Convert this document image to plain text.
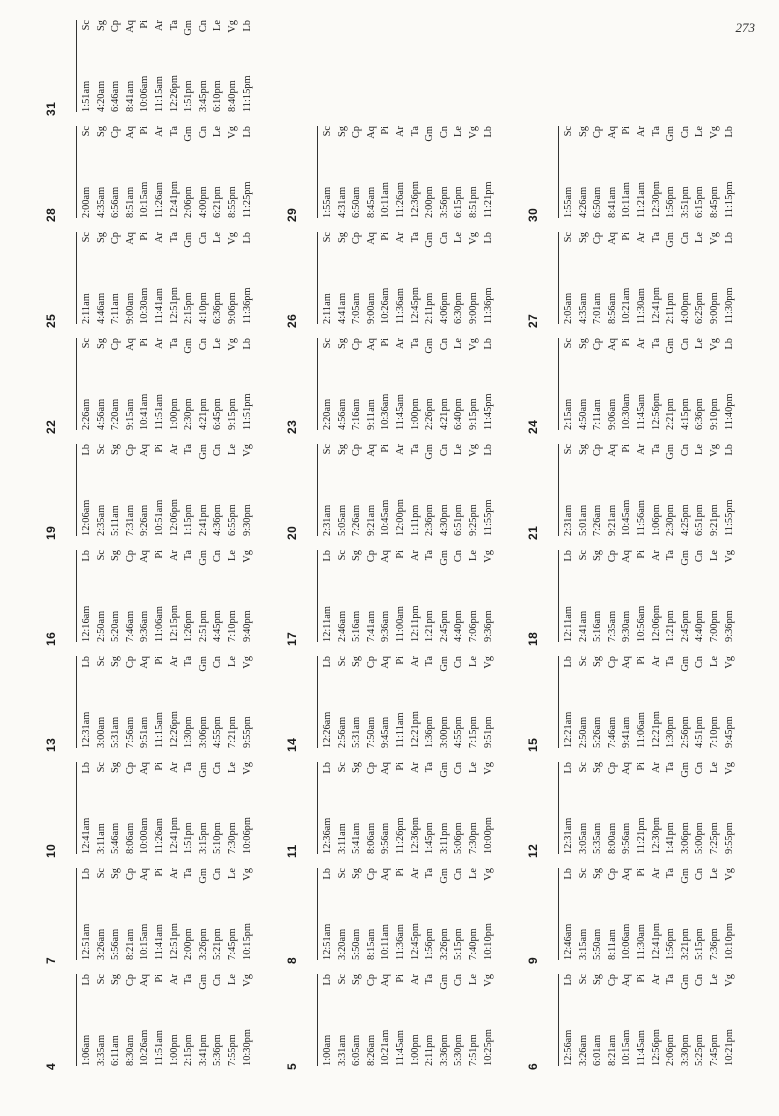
273
4
1:06am
Lb
3:35am
Sc
6:11am
Sg
8:30am
Cp
10:26am
Aq
11:51am
Pi
1:00pm
Ar
2:15pm
Ta
3:41pm
Gm
5:36pm
Cn
7:55pm
Le
10:30pm
Vg
5
1:00am
Lb
3:31am
Sc
6:05am
Sg
8:26am
Cp
10:21am
Aq
11:45am
Pi
1:00pm
Ar
2:11pm
Ta
3:36pm
Gm
5:30pm
Cn
7:51pm
Le
10:25pm
Vg
6
12:56am
Lb
3:26am
Sc
6:01am
Sg
8:21am
Cp
10:15am
Aq
11:45am
Pi
12:56pm
Ar
2:06pm
Ta
3:30pm
Gm
5:25pm
Cn
7:45pm
Le
10:21pm
Vg
7
12:51am
Lb
3:26am
Sc
5:56am
Sg
8:21am
Cp
10:15am
Aq
11:41am
Pi
12:51pm
Ar
2:00pm
Ta
3:26pm
Gm
5:21pm
Cn
7:45pm
Le
10:15pm
Vg
8
12:51am
Lb
3:20am
Sc
5:50am
Sg
8:15am
Cp
10:11am
Aq
11:36am
Pi
12:45pm
Ar
1:56pm
Ta
3:26pm
Gm
5:15pm
Cn
7:40pm
Le
10:10pm
Vg
9
12:46am
Lb
3:15am
Sc
5:50am
Sg
8:11am
Cp
10:06am
Aq
11:30am
Pi
12:41pm
Ar
1:56pm
Ta
3:21pm
Gm
5:15pm
Cn
7:36pm
Le
10:10pm
Vg
10 12:41am
Lb
3:11am
Sc
5:46am
Sg
8:06am
Cp
10:00am
Aq
11:26am
Pi
12:41pm
Ar
1:51pm
Ta
3:15pm
Gm
5:10pm
Cn
7:30pm
Le
10:06pm
Vg
11 12:36am
Lb
3:11am
Sc
5:41am
Sg
8:06am
Cp
9:56am
Aq
11:26pm
Pi
12:36pm
Ar
1:45pm
Ta
3:11pm
Gm
5:06pm
Cn
7:30pm
Le
10:00pm
Vg
12 12:31am
Lb
3:05am
Sc
5:35am
Sg
8:00am
Cp
9:56am
Aq
11:21pm
Pi
12:30pm
Ar
1:41pm
Ta
3:06pm
Gm
5:00pm
Cn
7:25pm
Le
9:55pm
Vg
13 12:31am
Lb
3:00am
Sc
5:31am
Sg
7:56am
Cp
9:51am
Aq
11:15am
Pi
12:26pm
Ar
1:30pm
Ta
3:06pm
Gm
4:55pm
Cn
7:21pm
Le
9:55pm
Vg
14 12:26am
Lb
2:56am
Sc
5:31am
Sg
7:50am
Cp
9:45am
Aq
11:11am
Pi
12:21pm
Ar
1:36pm
Ta
3:00pm
Gm
4:55pm
Cn
7:15pm
Le
9:51pm
Vg
15 12:21am
Lb
2:50am
Sc
5:26am
Sg
7:46am
Cp
9:41am
Aq
11:06am
Pi
12:21pm
Ar
1:30pm
Ta
2:56pm
Gm
4:51pm
Cn
7:10pm
Le
9:45pm
Vg
16 12:16am
Lb
2:50am
Sc
5:20am
Sg
7:46am
Cp
9:36am
Aq
11:06am
Pi
12:15pm
Ar
1:26pm
Ta
2:51pm
Gm
4:45pm
Cn
7:10pm
Le
9:40pm
Vg
17 12:11am
Lb
2:46am
Sc
5:16am
Sg
7:41am
Cp
9:36am
Aq
11:00am
Pi
12:11pm
Ar
1:21pm
Ta
2:45pm
Gm
4:40pm
Cn
7:06pm
Le
9:36pm
Vg
18 12:11am
Lb
2:41am
Sc
5:16am
Sg
7:35am
Cp
9:30am
Aq
10:56am
Pi
12:06pm
Ar
1:21pm
Ta
2:45pm
Gm
4:40pm
Cn
7:00pm
Le
9:36pm
Vg
19 12:06am
Lb
2:35am
Sc
5:11am
Sg
7:31am
Cp
9:26am
Aq
10:51am
Pi
12:06pm
Ar
1:15pm
Ta
2:41pm
Gm
4:36pm
Cn
6:55pm
Le
9:30pm
Vg
20 2:31am
Sc
5:05am
Sg
7:26am
Cp
9:21am
Aq
10:45am
Pi
12:00pm
Ar
1:11pm
Ta
2:36pm
Gm
4:30pm
Cn
6:51pm
Le
9:25pm
Vg
11:55pm
Lb
21 2:31am
Sc
5:01am
Sg
7:26am
Cp
9:21am
Aq
10:45am
Pi
11:56am
Ar
1:06pm
Ta
2:30pm
Gm
4:25pm
Cn
6:51pm
Le
9:21pm
Vg
11:55pm
Lb
22 2:26am
Sc
4:56am
Sg
7:20am
Cp
9:15am
Aq
10:41am
Pi
11:51am
Ar
1:00pm
Ta
2:30pm
Gm
4:21pm
Cn
6:45pm
Le
9:15pm
Vg
11:51pm
Lb
23 2:20am
Sc
4:56am
Sg
7:16am
Cp
9:11am
Aq
10:36am
Pi
11:45am
Ar
1:00pm
Ta
2:26pm
Gm
4:21pm
Cn
6:40pm
Le
9:15pm
Vg
11:45pm
Lb
24 2:15am
Sc
4:50am
Sg
7:11am
Cp
9:06am
Aq
10:30am
Pi
11:45am
Ar
12:56pm
Ta
2:21pm
Gm
4:15pm
Cn
6:36pm
Le
9:10pm
Vg
11:40pm
Lb
25 2:11am
Sc
4:46am
Sg
7:11am
Cp
9:00am
Aq
10:30am
Pi
11:41am
Ar
12:51pm
Ta
2:15pm
Gm
4:10pm
Cn
6:36pm
Le
9:06pm
Vg
11:36pm
Lb
26 2:11am
Sc
4:41am
Sg
7:05am
Cp
9:00am
Aq
10:26am
Pi
11:36am
Ar
12:45pm
Ta
2:11pm
Gm
4:06pm
Cn
6:30pm
Le
9:00pm
Vg
11:36pm
Lb
27 2:05am
Sc
4:35am
Sg
7:01am
Cp
8:56am
Aq
10:21am
Pi
11:30am
Ar
12:41pm
Ta
2:11pm
Gm
4:00pm
Cn
6:25pm
Le
9:00pm
Vg
11:30pm
Lb
28 2:00am
Sc
4:35am
Sg
6:56am
Cp
8:51am
Aq
10:15am
Pi
11:26am
Ar
12:41pm
Ta
2:06pm
Gm
4:00pm
Cn
6:21pm
Le
8:55pm
Vg
11:25pm
Lb
29 1:55am
Sc
4:31am
Sg
6:50am
Cp
8:45am
Aq
10:11am
Pi
11:26am
Ar
12:36pm
Ta
2:00pm
Gm
3:56pm
Cn
6:15pm
Le
8:51pm
Vg
11:21pm
Lb
30 1:55am
Sc
4:26am
Sg
6:50am
Cp
8:41am
Aq
10:11am
Pi
11:21am
Ar
12:30pm
Ta
1:56pm
Gm
3:51pm
Cn
6:15pm
Le
8:45pm
Vg
11:15pm
Lb
31 1:51am
Sc
4:20am
Sg
6:46am
Cp
8:41am
Aq
10:06am
Pi
11:15am
Ar
12:26pm
Ta
1:51pm
Gm
3:45pm
Cn
6:10pm
Le
8:40pm
Vg
11:15pm
Lb
